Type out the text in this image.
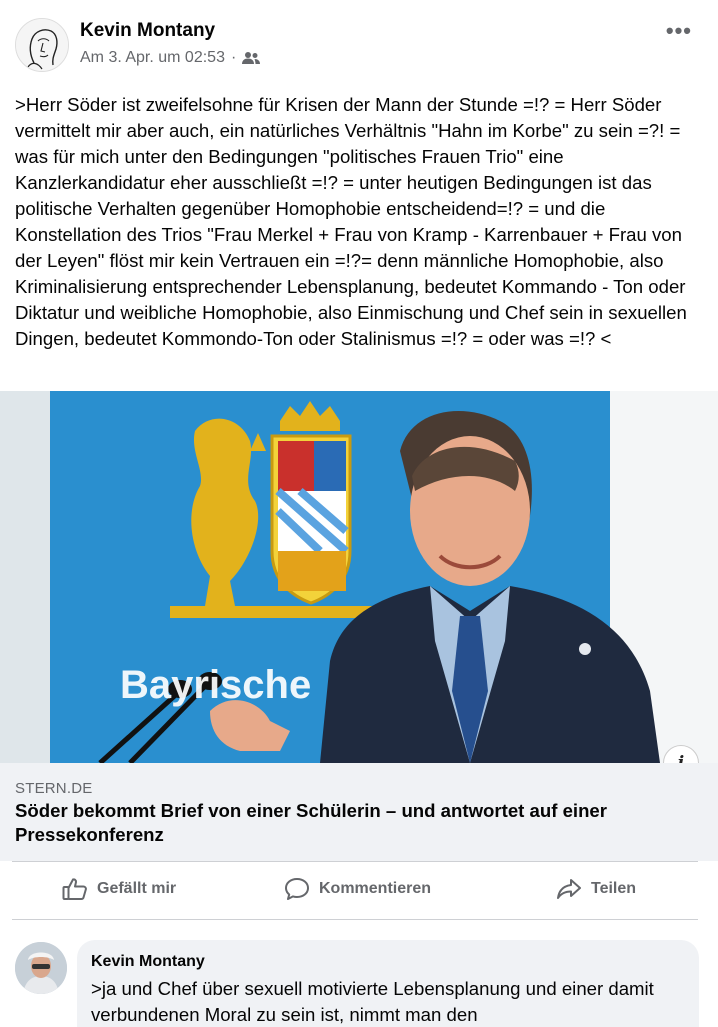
Kevin Montany
Am 3. Apr. um 02:53 ·
•••
>Herr Söder ist zweifelsohne für Krisen der Mann der Stunde =!? = Herr Söder vermittelt mir aber auch, ein natürliches Verhältnis "Hahn im Korbe" zu sein =?! = was für mich unter den Bedingungen "politisches Frauen Trio" eine Kanzlerkandidatur eher ausschließt =!? = unter heutigen Bedingungen ist das politische Verhalten gegenüber Homophobie entscheidend=!? = und die Konstellation des Trios "Frau Merkel + Frau von Kramp - Karrenbauer + Frau von der Leyen" flöst mir kein Vertrauen ein =!?= denn männliche Homophobie, also Kriminalisierung entsprechender Lebensplanung, bedeutet Kommando - Ton oder Diktatur und weibliche Homophobie, also Einmischung und Chef sein in sexuellen Dingen, bedeutet Kommondo-Ton oder Stalinismus =!? = oder was =!? <
Bayrische
STERN.DE
Söder bekommt Brief von einer Schülerin – und antwortet auf einer Pressekonferenz
Gefällt mir	Kommentieren	Teilen
Kevin Montany
>ja und Chef über sexuell motivierte Lebensplanung und einer damit verbundenen Moral zu sein ist, nimmt man den
